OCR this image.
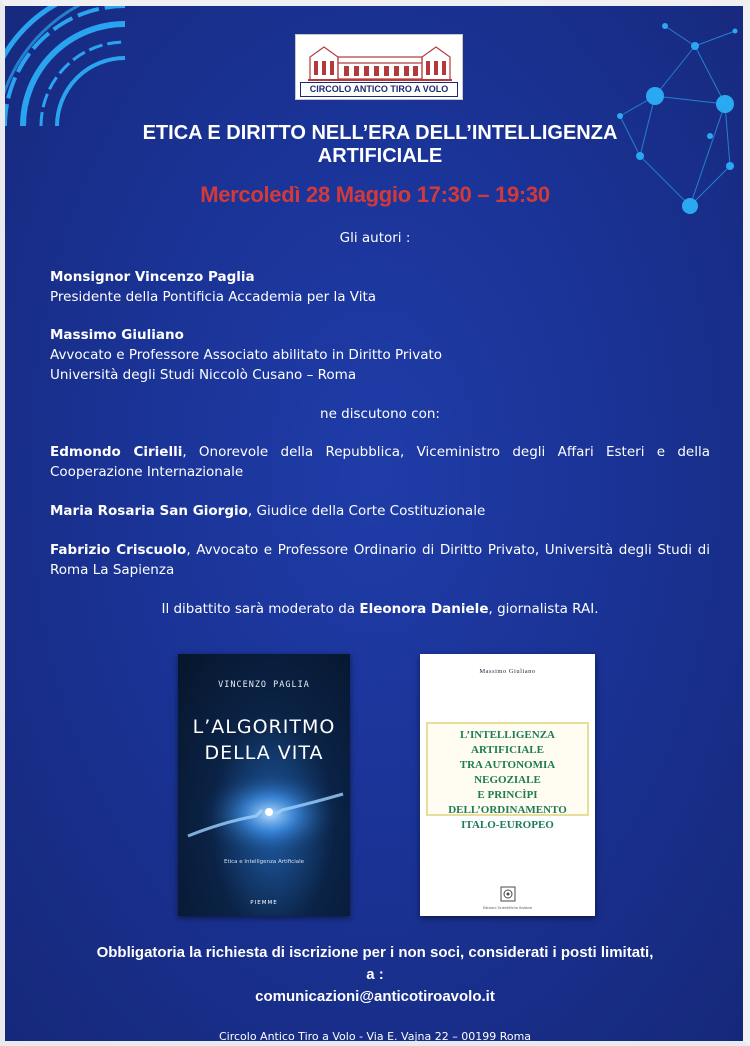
CIRCOLO ANTICO TIRO A VOLO
ETICA E DIRITTO NELL’ERA DELL’INTELLIGENZA
ARTIFICIALE
Mercoledì 28 Maggio 17:30 – 19:30
Gli autori :
Monsignor Vincenzo Paglia
Presidente della Pontificia Accademia per la Vita
Massimo Giuliano
Avvocato e Professore Associato abilitato in Diritto Privato
Università degli Studi Niccolò Cusano – Roma
ne discutono con:
Edmondo Cirielli, Onorevole della Repubblica, Viceministro degli Affari Esteri e della Cooperazione Internazionale
Maria Rosaria San Giorgio, Giudice della Corte Costituzionale
Fabrizio Criscuolo, Avvocato e Professore Ordinario di Diritto Privato, Università degli Studi di Roma La Sapienza
Il dibattito sarà moderato da Eleonora Daniele, giornalista RAI.
VINCENZO PAGLIA
L’ALGORITMO
DELLA VITA
Etica e Intelligenza Artificiale
PIEMME
Massimo Giuliano
L’INTELLIGENZA ARTIFICIALE
TRA AUTONOMIA NEGOZIALE
E PRINCÌPI
DELL’ORDINAMENTO
ITALO-EUROPEO
Edizioni Scientifiche Italiane
Obbligatoria la richiesta di iscrizione per i non soci, considerati i posti limitati,
a :
comunicazioni@anticotiroavolo.it
Circolo Antico Tiro a Volo - Via E. Vajna 22 – 00199 Roma
